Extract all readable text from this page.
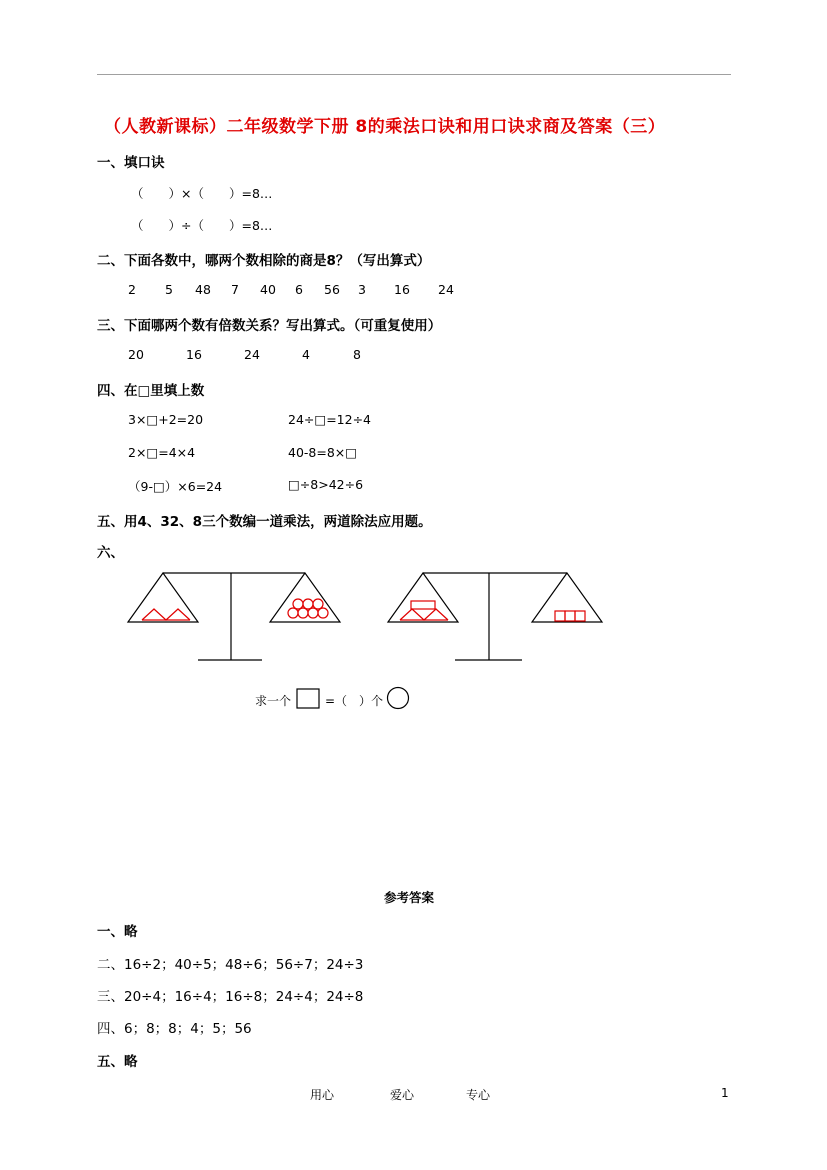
（人教新课标）二年级数学下册 8的乘法口诀和用口诀求商及答案（三）
一、填口诀
（　　）×（　　）=8…
（　　）÷（　　）=8…
二、下面各数中，哪两个数相除的商是8？（写出算式）
2 5 48 7 40 6 56 3 16 24
三、下面哪两个数有倍数关系？写出算式。（可重复使用）
20	16	24	4	8
四、在□里填上数
3×□+2=20	24÷□=12÷4
2×□=4×4	40-8=8×□
（9-□）×6=24	□÷8>42÷6
五、用4、32、8三个数编一道乘法，两道除法应用题。
六、
求一个	=（　）个
参考答案
一、略
二、16÷2；40÷5；48÷6；56÷7；24÷3
三、20÷4；16÷4；16÷8；24÷4；24÷8
四、6；8；8；4；5；56
五、略
用心	爱心	专心	1
